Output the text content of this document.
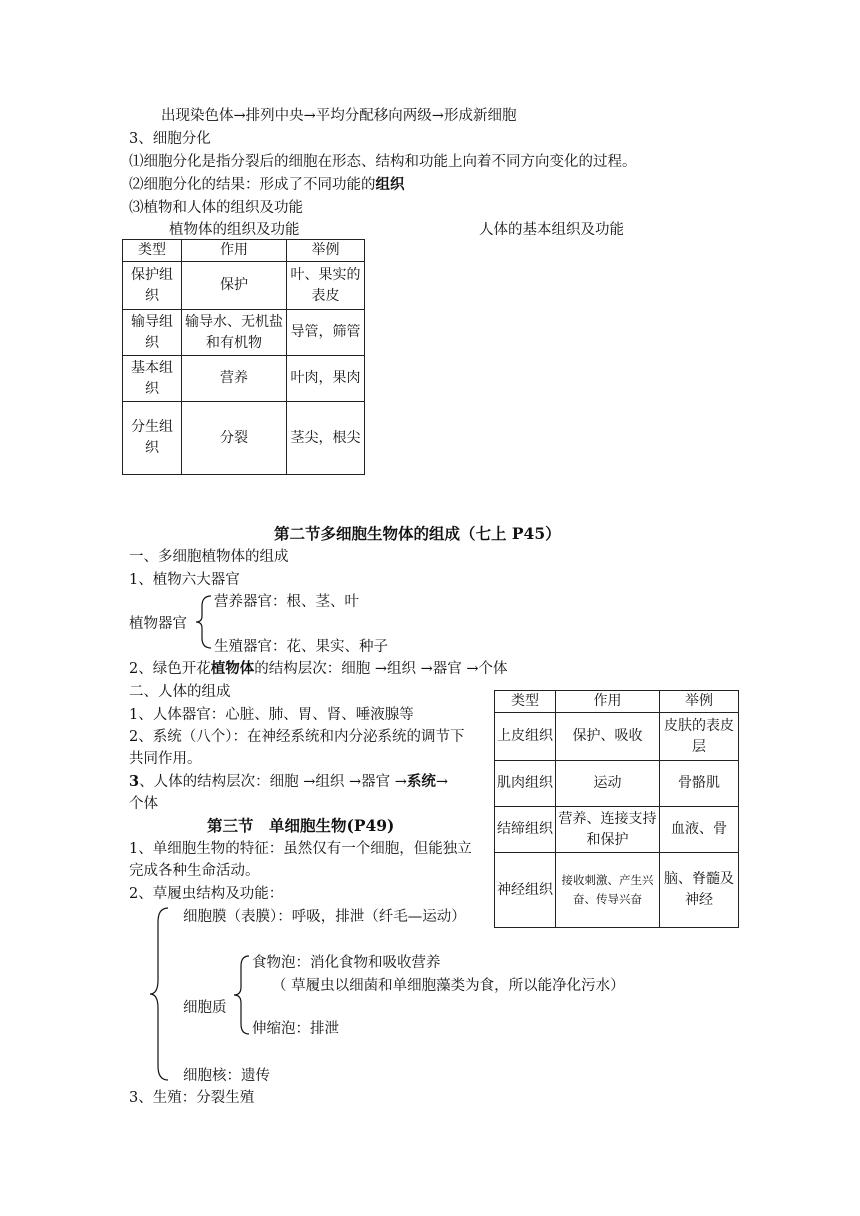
出现染色体→排列中央→平均分配移向两级→形成新细胞
3、细胞分化
⑴细胞分化是指分裂后的细胞在形态、结构和功能上向着不同方向变化的过程。
⑵细胞分化的结果：形成了不同功能的组织
⑶植物和人体的组织及功能
植物体的组织及功能	人体的基本组织及功能
类型	作用	举例
保护组织	保护	叶、果实的表皮
输导组织	输导水、无机盐和有机物	导管，筛管
基本组织	营养	叶肉，果肉
分生组织	分裂	茎尖，根尖
第二节多细胞生物体的组成（七上 P45）
一、多细胞植物体的组成
1、植物六大器官
营养器官：根、茎、叶
植物器官
生殖器官：花、果实、种子
2、绿色开花植物体的结构层次：细胞 →组织 →器官 →个体
二、人体的组成
1、人体器官：心脏、肺、胃、肾、唾液腺等
2、系统（八个）：在神经系统和内分泌系统的调节下
共同作用。
3、人体的结构层次：细胞 →组织 →器官 →系统→
个体
类型	作用	举例
上皮组织	保护、吸收	皮肤的表皮层
肌肉组织	运动	骨骼肌
结缔组织	营养、连接支持和保护	血液、骨
神经组织	接收刺激、产生兴奋、传导兴奋	脑、脊髓及神经
第三节　单细胞生物(P49)
1、单细胞生物的特征：虽然仅有一个细胞，但能独立
完成各种生命活动。
2、草履虫结构及功能：
细胞膜（表膜）：呼吸，排泄（纤毛—运动）
食物泡：消化食物和吸收营养
（ 草履虫以细菌和单细胞藻类为食，所以能净化污水）
细胞质
伸缩泡：排泄
细胞核：遗传
3、生殖：分裂生殖
